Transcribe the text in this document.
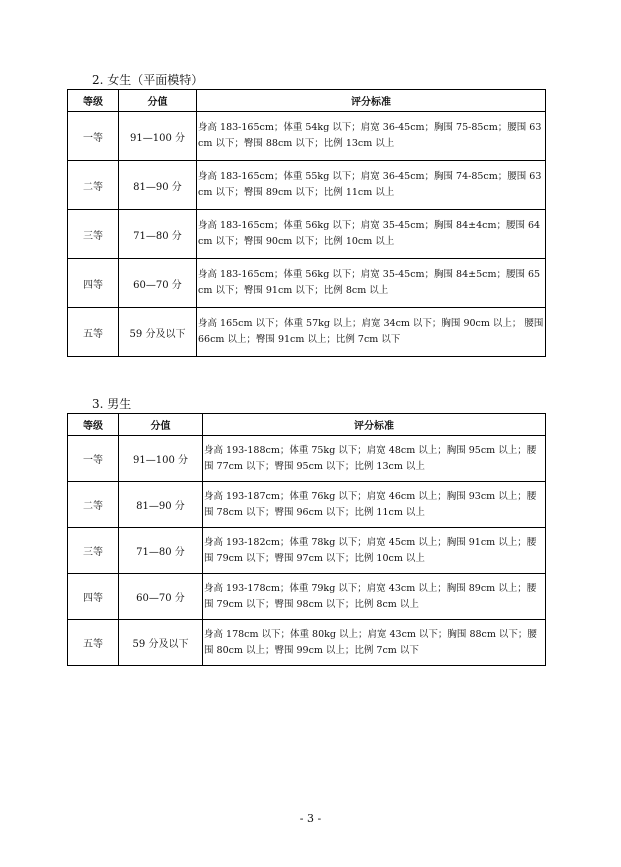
2. 女生（平面模特）
等级	分值	评分标准
一等	91—100 分	身高 183-165cm；体重 54kg 以下；肩宽 36-45cm；胸围 75-85cm；腰围 63cm 以下；臀围 88cm 以下；比例 13cm 以上
二等	81—90 分	身高 183-165cm；体重 55kg 以下；肩宽 36-45cm；胸围 74-85cm；腰围 63cm 以下；臀围 89cm 以下；比例 11cm 以上
三等	71—80 分	身高 183-165cm；体重 56kg 以下；肩宽 35-45cm；胸围 84±4cm；腰围 64cm 以下；臀围 90cm 以下；比例 10cm 以上
四等	60—70 分	身高 183-165cm；体重 56kg 以下；肩宽 35-45cm；胸围 84±5cm；腰围 65cm 以下；臀围 91cm 以下；比例 8cm 以上
五等	59 分及以下	身高 165cm 以下；体重 57kg 以上；肩宽 34cm 以下；胸围 90cm 以上； 腰围 66cm 以上；臀围 91cm 以上；比例 7cm 以下
3. 男生
等级	分值	评分标准
一等	91—100 分	身高 193-188cm；体重 75kg 以下；肩宽 48cm 以上；胸围 95cm 以上；腰围 77cm 以下；臀围 95cm 以下；比例 13cm 以上
二等	81—90 分	身高 193-187cm；体重 76kg 以下；肩宽 46cm 以上；胸围 93cm 以上；腰围 78cm 以下；臀围 96cm 以下；比例 11cm 以上
三等	71—80 分	身高 193-182cm；体重 78kg 以下；肩宽 45cm 以上；胸围 91cm 以上；腰围 79cm 以下；臀围 97cm 以下；比例 10cm 以上
四等	60—70 分	身高 193-178cm；体重 79kg 以下；肩宽 43cm 以上；胸围 89cm 以上；腰围 79cm 以下；臀围 98cm 以下；比例 8cm 以上
五等	59 分及以下	身高 178cm 以下；体重 80kg 以上；肩宽 43cm 以下；胸围 88cm 以下；腰围 80cm 以上；臀围 99cm 以上；比例 7cm 以下
- 3 -
